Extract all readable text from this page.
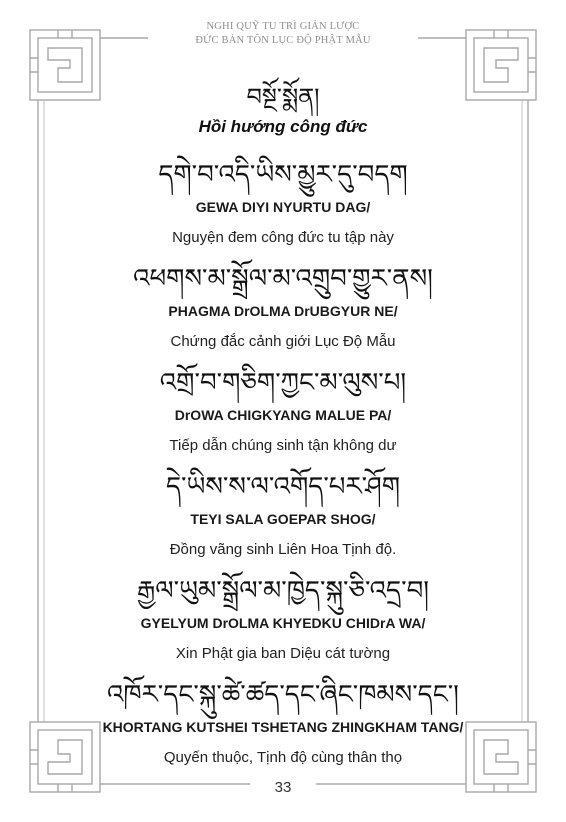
NGHI QUỸ TU TRÌ GIẢN LƯỢC
ĐỨC BẢN TÔN LỤC ĐỘ PHẬT MẪU
བསྔོ་སྨོན།
Hồi hướng công đức
དགེ་བ་འདི་ཡིས་མྱུར་དུ་བདག
GEWA DIYI NYURTU DAG/
Nguyện đem công đức tu tập này
འཕགས་མ་སྒྲོལ་མ་འགྲུབ་གྱུར་ནས།
PHAGMA DrOLMA DrUBGYUR NE/
Chứng đắc cảnh giới Lục Độ Mẫu
འགྲོ་བ་གཅིག་ཀྱང་མ་ལུས་པ།
DrOWA CHIGKYANG MALUE PA/
Tiếp dẫn chúng sinh tận không dư
དེ་ཡིས་ས་ལ་འགོད་པར་ཤོག
TEYI SALA GOEPAR SHOG/
Đồng vãng sinh Liên Hoa Tịnh độ.
རྒྱལ་ཡུམ་སྒྲོལ་མ་ཁྱེད་སྐུ་ཅི་འདྲ་བ།
GYELYUM DrOLMA KHYEDKU CHIDrA WA/
Xin Phật gia ban Diệu cát tường
འཁོར་དང་སྐུ་ཚེ་ཚད་དང་ཞིང་ཁམས་དང་།
KHORTANG KUTSHEI TSHETANG ZHINGKHAM TANG/
Quyến thuộc, Tịnh độ cùng thân thọ
33
